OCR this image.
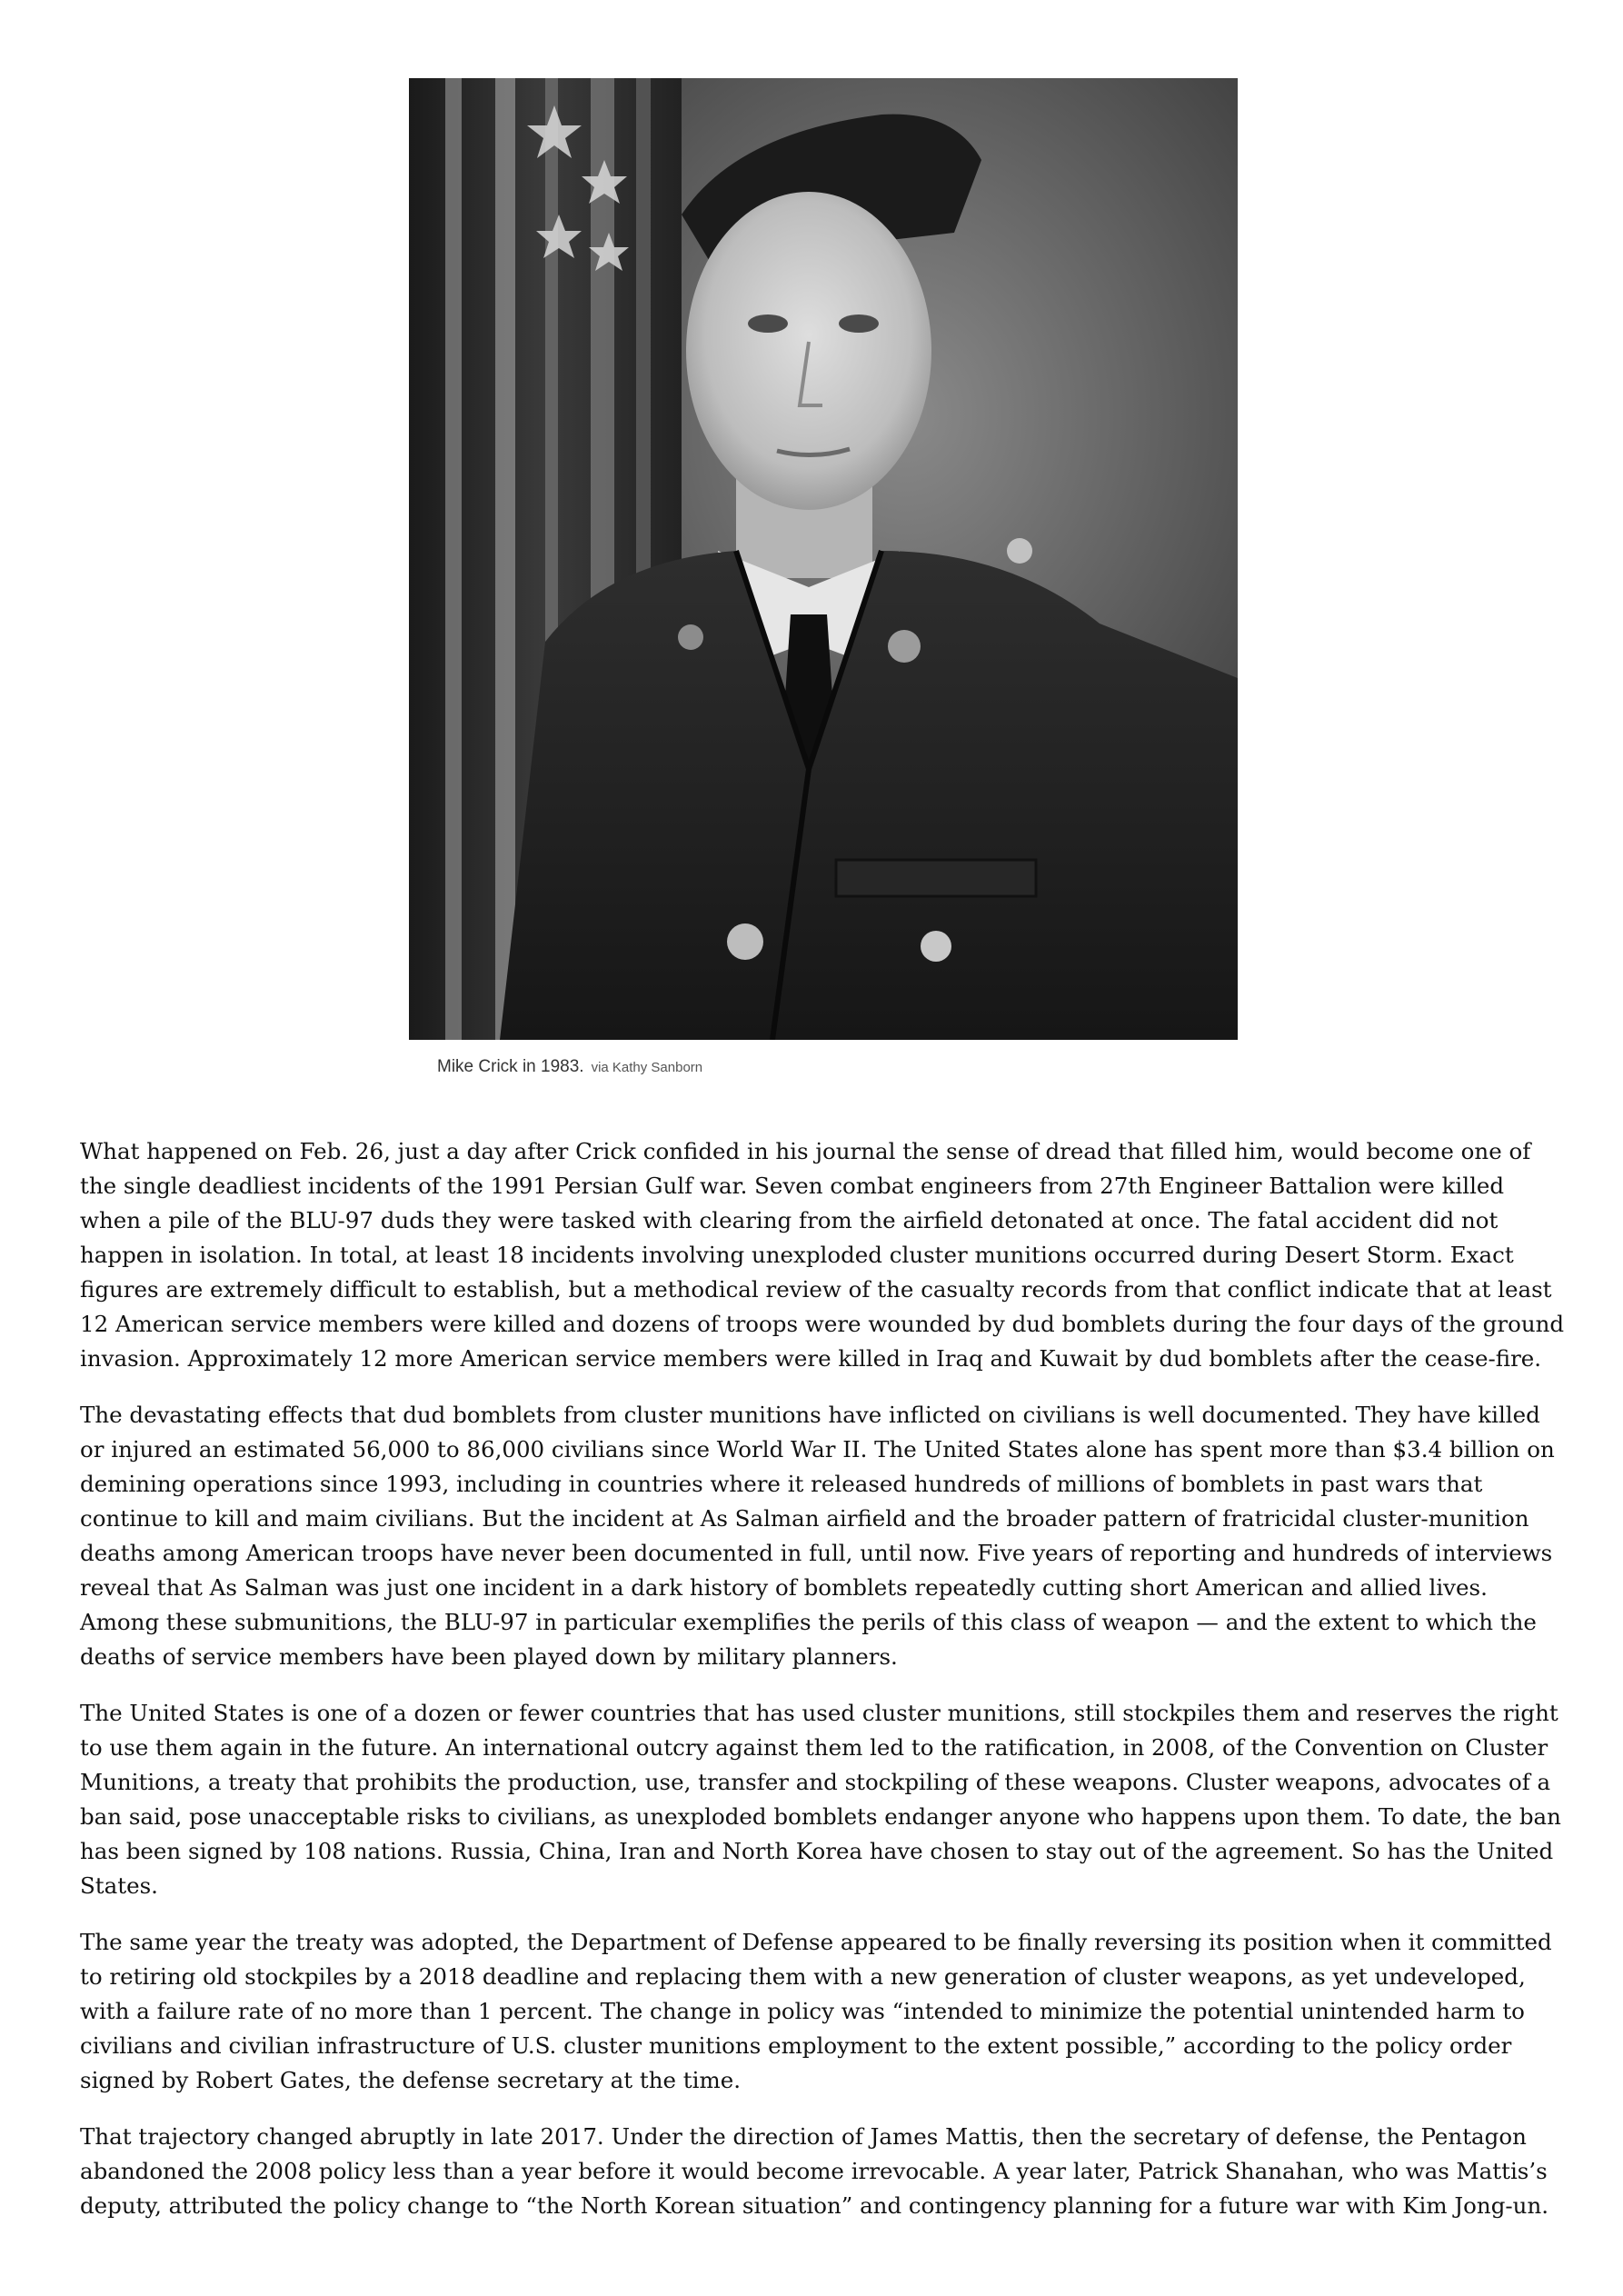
Mike Crick in 1983. via Kathy Sanborn

What happened on Feb. 26, just a day after Crick confided in his journal the sense of dread that filled him, would become one of the single deadliest incidents of the 1991 Persian Gulf war. Seven combat engineers from 27th Engineer Battalion were killed when a pile of the BLU-97 duds they were tasked with clearing from the airfield detonated at once. The fatal accident did not happen in isolation. In total, at least 18 incidents involving unexploded cluster munitions occurred during Desert Storm. Exact figures are extremely difficult to establish, but a methodical review of the casualty records from that conflict indicate that at least 12 American service members were killed and dozens of troops were wounded by dud bomblets during the four days of the ground invasion. Approximately 12 more American service members were killed in Iraq and Kuwait by dud bomblets after the cease-fire.

The devastating effects that dud bomblets from cluster munitions have inflicted on civilians is well documented. They have killed or injured an estimated 56,000 to 86,000 civilians since World War II. The United States alone has spent more than $3.4 billion on demining operations since 1993, including in countries where it released hundreds of millions of bomblets in past wars that continue to kill and maim civilians. But the incident at As Salman airfield and the broader pattern of fratricidal cluster-munition deaths among American troops have never been documented in full, until now. Five years of reporting and hundreds of interviews reveal that As Salman was just one incident in a dark history of bomblets repeatedly cutting short American and allied lives. Among these submunitions, the BLU-97 in particular exemplifies the perils of this class of weapon — and the extent to which the deaths of service members have been played down by military planners.

The United States is one of a dozen or fewer countries that has used cluster munitions, still stockpiles them and reserves the right to use them again in the future. An international outcry against them led to the ratification, in 2008, of the Convention on Cluster Munitions, a treaty that prohibits the production, use, transfer and stockpiling of these weapons. Cluster weapons, advocates of a ban said, pose unacceptable risks to civilians, as unexploded bomblets endanger anyone who happens upon them. To date, the ban has been signed by 108 nations. Russia, China, Iran and North Korea have chosen to stay out of the agreement. So has the United States.

The same year the treaty was adopted, the Department of Defense appeared to be finally reversing its position when it committed to retiring old stockpiles by a 2018 deadline and replacing them with a new generation of cluster weapons, as yet undeveloped, with a failure rate of no more than 1 percent. The change in policy was “intended to minimize the potential unintended harm to civilians and civilian infrastructure of U.S. cluster munitions employment to the extent possible,” according to the policy order signed by Robert Gates, the defense secretary at the time.

That trajectory changed abruptly in late 2017. Under the direction of James Mattis, then the secretary of defense, the Pentagon abandoned the 2008 policy less than a year before it would become irrevocable. A year later, Patrick Shanahan, who was Mattis’s deputy, attributed the policy change to “the North Korean situation” and contingency planning for a future war with Kim Jong-un.
